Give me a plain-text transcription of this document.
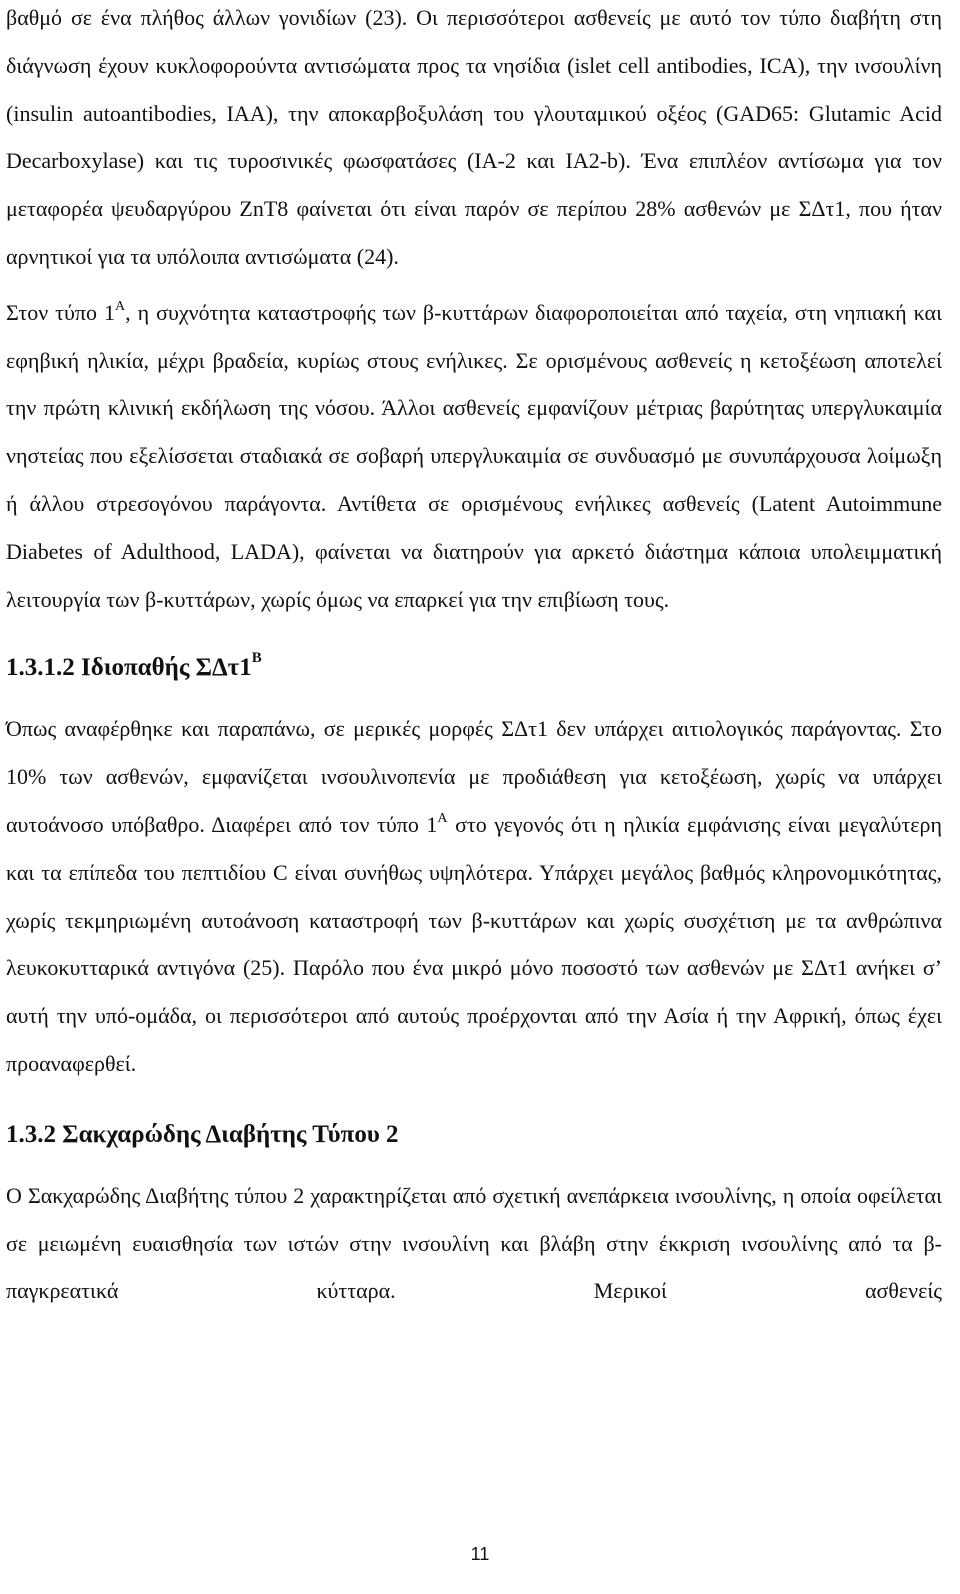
βαθμό σε ένα πλήθος άλλων γονιδίων (23). Οι περισσότεροι ασθενείς με αυτό τον τύπο διαβήτη στη διάγνωση έχουν κυκλοφορούντα αντισώματα προς τα νησίδια (islet cell antibodies, ICA), την ινσουλίνη (insulin autoantibodies, IAA), την αποκαρβοξυλάση του γλουταμικού οξέος (GAD65: Glutamic Acid Decarboxylase) και τις τυροσινικές φωσφατάσες (IA-2 και IA2-b). Ένα επιπλέον αντίσωμα για τον μεταφορέα ψευδαργύρου ZnT8 φαίνεται ότι είναι παρόν σε περίπου 28% ασθενών με ΣΔτ1, που ήταν αρνητικοί για τα υπόλοιπα αντισώματα (24).

Στον τύπο $1^A$, η συχνότητα καταστροφής των β-κυττάρων διαφοροποιείται από ταχεία, στη νηπιακή και εφηβική ηλικία, μέχρι βραδεία, κυρίως στους ενήλικες. Σε ορισμένους ασθενείς η κετοξέωση αποτελεί την πρώτη κλινική εκδήλωση της νόσου. Άλλοι ασθενείς εμφανίζουν μέτριας βαρύτητας υπεργλυκαιμία νηστείας που εξελίσσεται σταδιακά σε σοβαρή υπεργλυκαιμία σε συνδυασμό με συνυπάρχουσα λοίμωξη ή άλλου στρεσογόνου παράγοντα. Αντίθετα σε ορισμένους ενήλικες ασθενείς (Latent Autoimmune Diabetes of Adulthood, LADA), φαίνεται να διατηρούν για αρκετό διάστημα κάποια υπολειμματική λειτουργία των β-κυττάρων, χωρίς όμως να επαρκεί για την επιβίωση τους.

1.3.1.2 Ιδιοπαθής $\Sigma\Delta\tau 1^B$

Όπως αναφέρθηκε και παραπάνω, σε μερικές μορφές ΣΔτ1 δεν υπάρχει αιτιολογικός παράγοντας. Στο 10% των ασθενών, εμφανίζεται ινσουλινοπενία με προδιάθεση για κετοξέωση, χωρίς να υπάρχει αυτοάνοσο υπόβαθρο. Διαφέρει από τον τύπο $1^A$ στο γεγονός ότι η ηλικία εμφάνισης είναι μεγαλύτερη και τα επίπεδα του πεπτιδίου C είναι συνήθως υψηλότερα. Υπάρχει μεγάλος βαθμός κληρονομικότητας, χωρίς τεκμηριωμένη αυτοάνοση καταστροφή των β-κυττάρων και χωρίς συσχέτιση με τα ανθρώπινα λευκοκυτταρικά αντιγόνα (25). Παρόλο που ένα μικρό μόνο ποσοστό των ασθενών με ΣΔτ1 ανήκει σ’ αυτή την υπό-ομάδα, οι περισσότεροι από αυτούς προέρχονται από την Ασία ή την Αφρική, όπως έχει προαναφερθεί.

1.3.2 Σακχαρώδης Διαβήτης Τύπου 2

Ο Σακχαρώδης Διαβήτης τύπου 2 χαρακτηρίζεται από σχετική ανεπάρκεια ινσουλίνης, η οποία οφείλεται σε μειωμένη ευαισθησία των ιστών στην ινσουλίνη και βλάβη στην έκκριση ινσουλίνης από τα β-παγκρεατικά κύτταρα. Μερικοί ασθενείς

11
